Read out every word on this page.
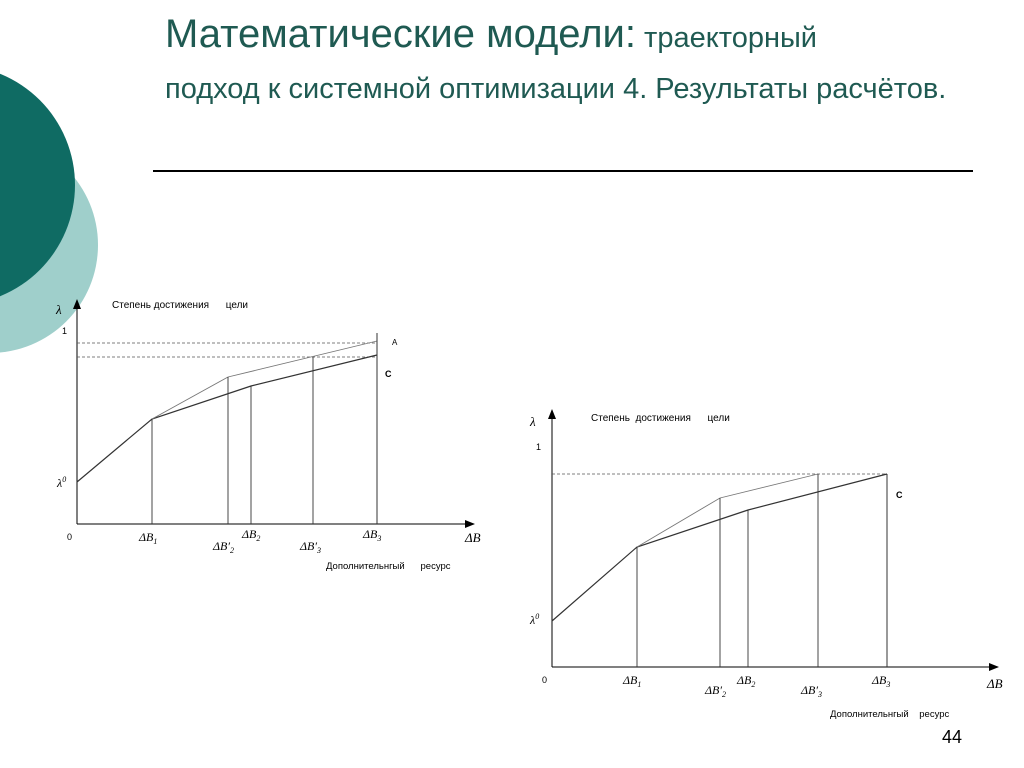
Математические модели: траекторный
подход к системной оптимизации 4. Результаты расчётов.
λ
1
Степень достижения      цели
$\lambda^0$
0	ΔB
Дополнительнгый      ресурс
$\Delta B_1$	$\Delta B'_2$
$\Delta B_2$
$\Delta B'_3$
$\Delta B_3$
A
C
λ
1
Степень  достижения      цели
$\lambda^0$
0	ΔB
Дополнительнгый    ресурс
$\Delta B_1$	$\Delta B'_2$
$\Delta B_2$	$\Delta B'_3$
$\Delta B_3$
C
44
